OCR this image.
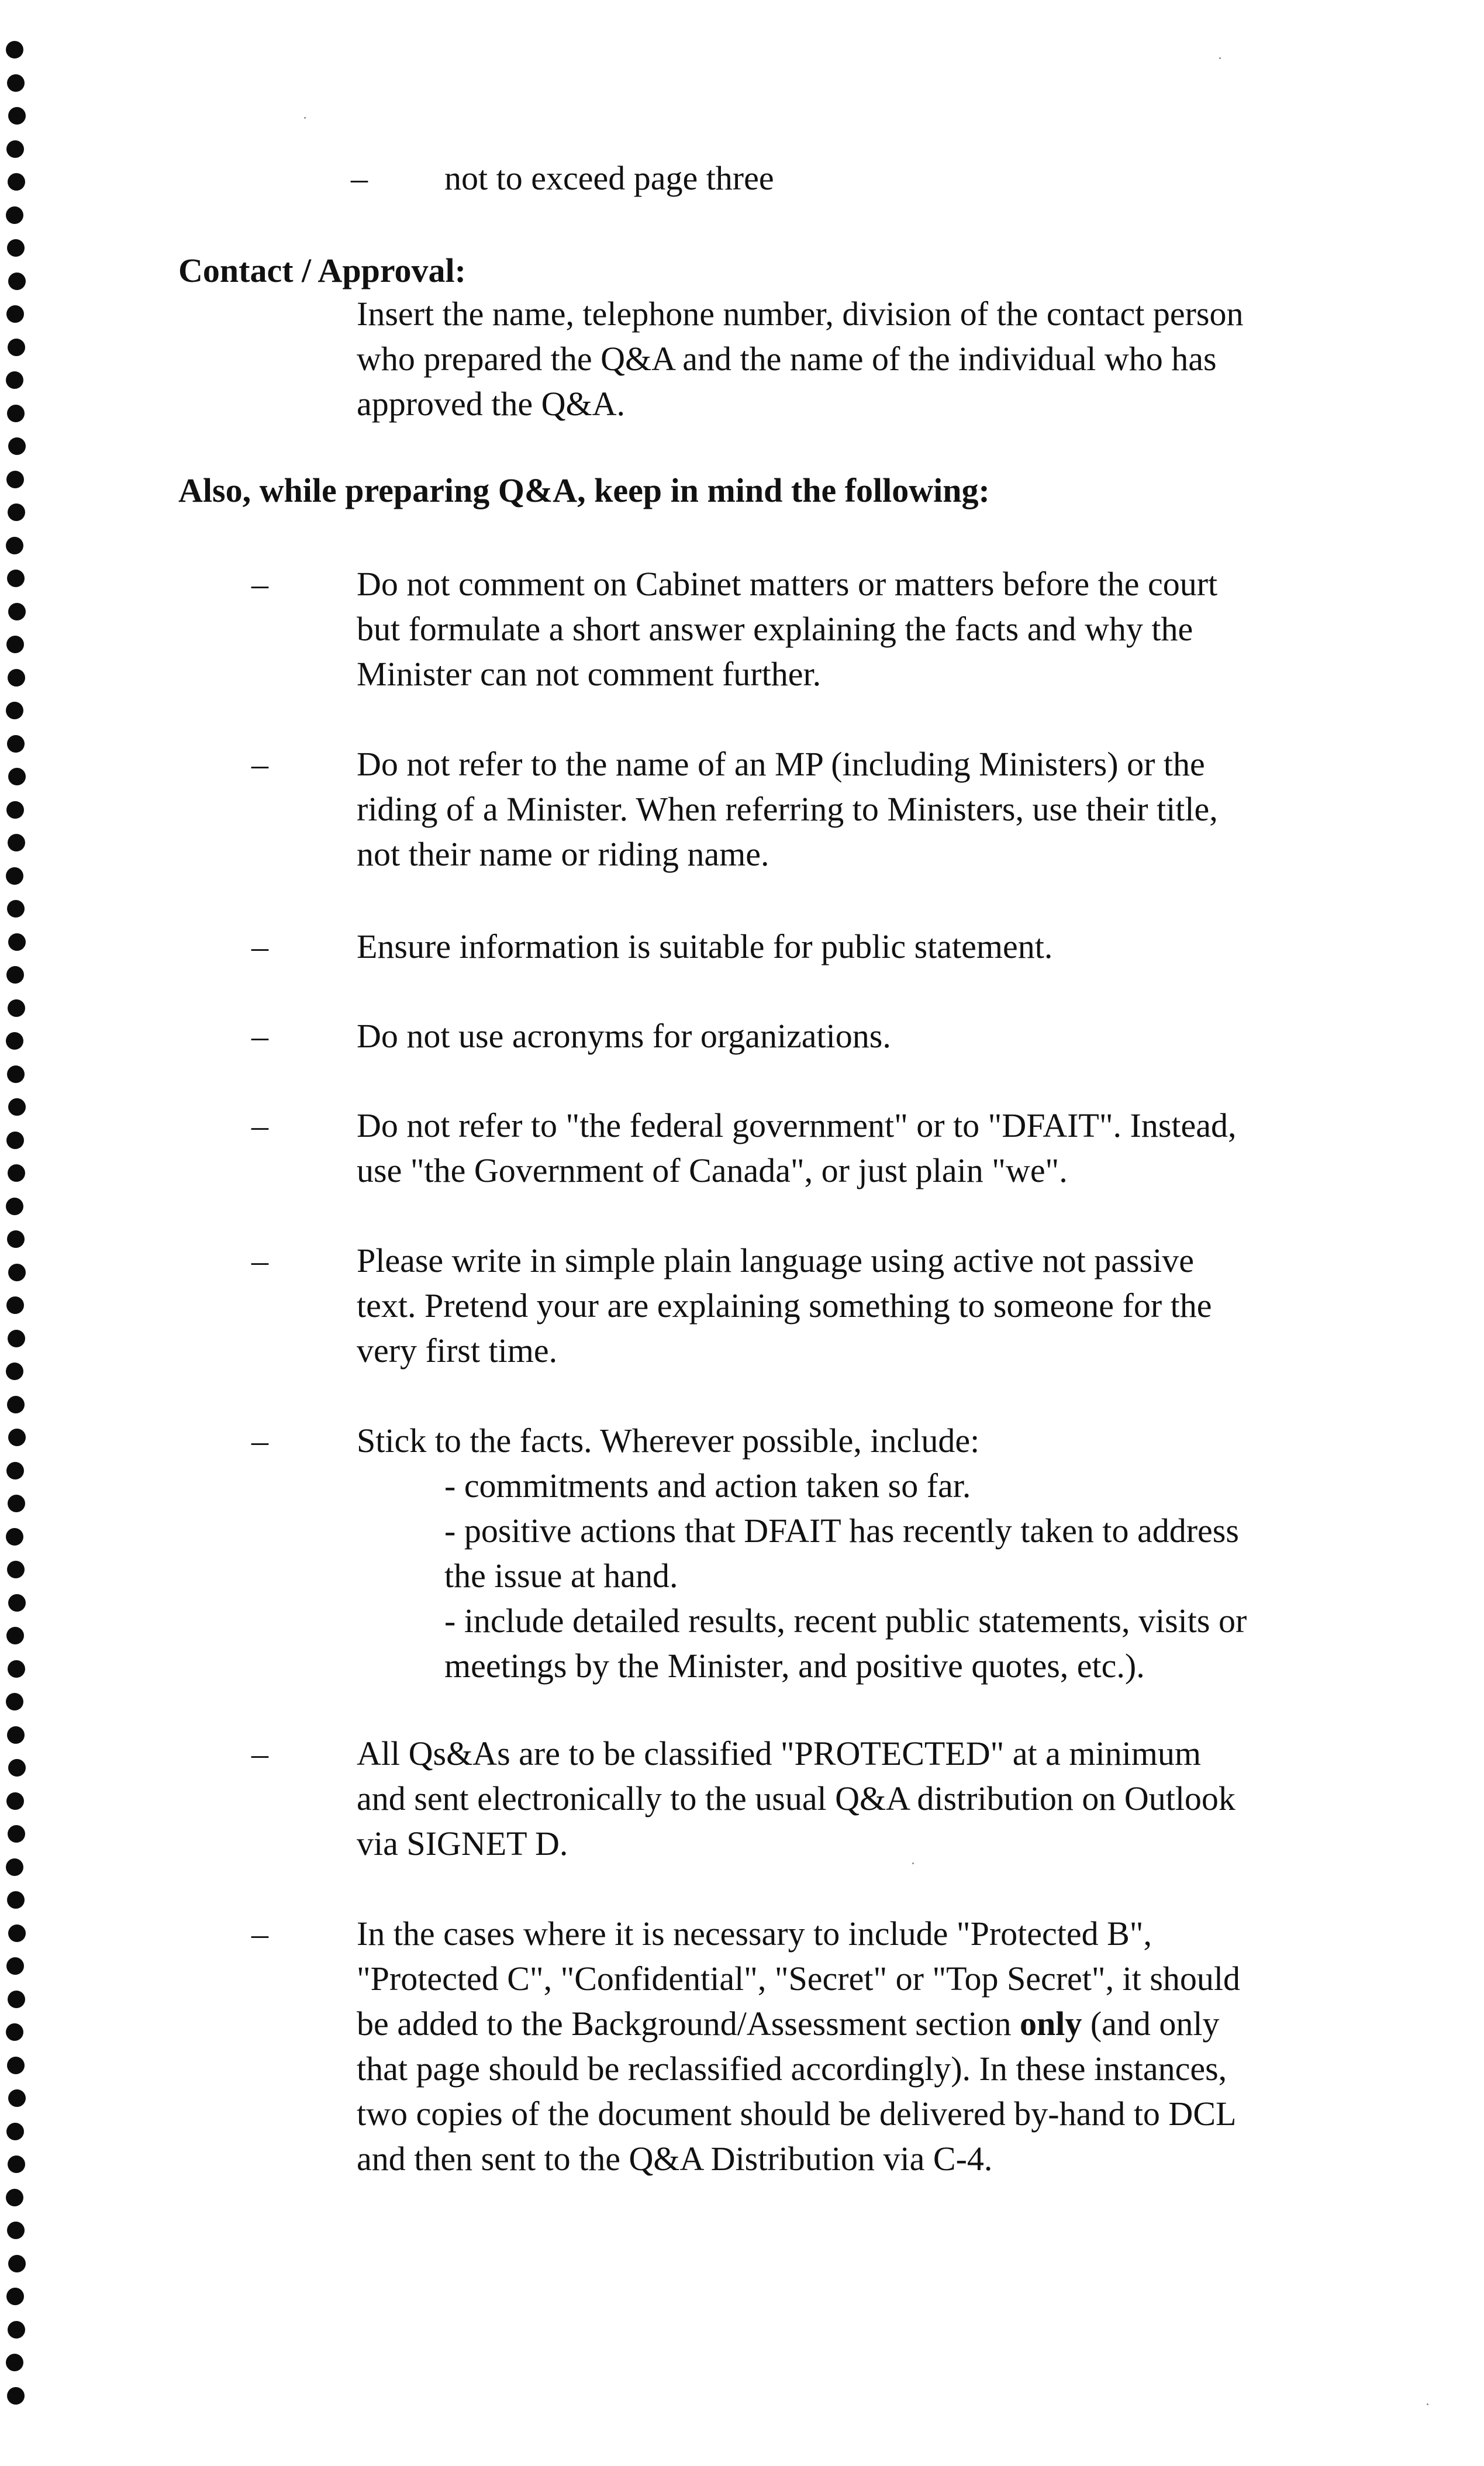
– not to exceed page three
Contact / Approval:
Insert the name, telephone number, division of the contact person
who prepared the Q&A and the name of the individual who has
approved the Q&A.
Also, while preparing Q&A, keep in mind the following:
–	Do not comment on Cabinet matters or matters before the court
but formulate a short answer explaining the facts and why the
Minister can not comment further.
–	Do not refer to the name of an MP (including Ministers) or the
riding of a Minister. When referring to Ministers, use their title,
not their name or riding name.
–	Ensure information is suitable for public statement.
–	Do not use acronyms for organizations.
–	Do not refer to "the federal government" or to "DFAIT". Instead,
use "the Government of Canada", or just plain "we".
–	Please write in simple plain language using active not passive
text. Pretend your are explaining something to someone for the
very first time.
–	Stick to the facts. Wherever possible, include:
- commitments and action taken so far.
- positive actions that DFAIT has recently taken to address
the issue at hand.
- include detailed results, recent public statements, visits or
meetings by the Minister, and positive quotes, etc.).
–	All Qs&As are to be classified "PROTECTED" at a minimum
and sent electronically to the usual Q&A distribution on Outlook
via SIGNET D.
–	In the cases where it is necessary to include "Protected B",
"Protected C", "Confidential", "Secret" or "Top Secret", it should
be added to the Background/Assessment section only (and only
that page should be reclassified accordingly). In these instances,
two copies of the document should be delivered by-hand to DCL
and then sent to the Q&A Distribution via C-4.
